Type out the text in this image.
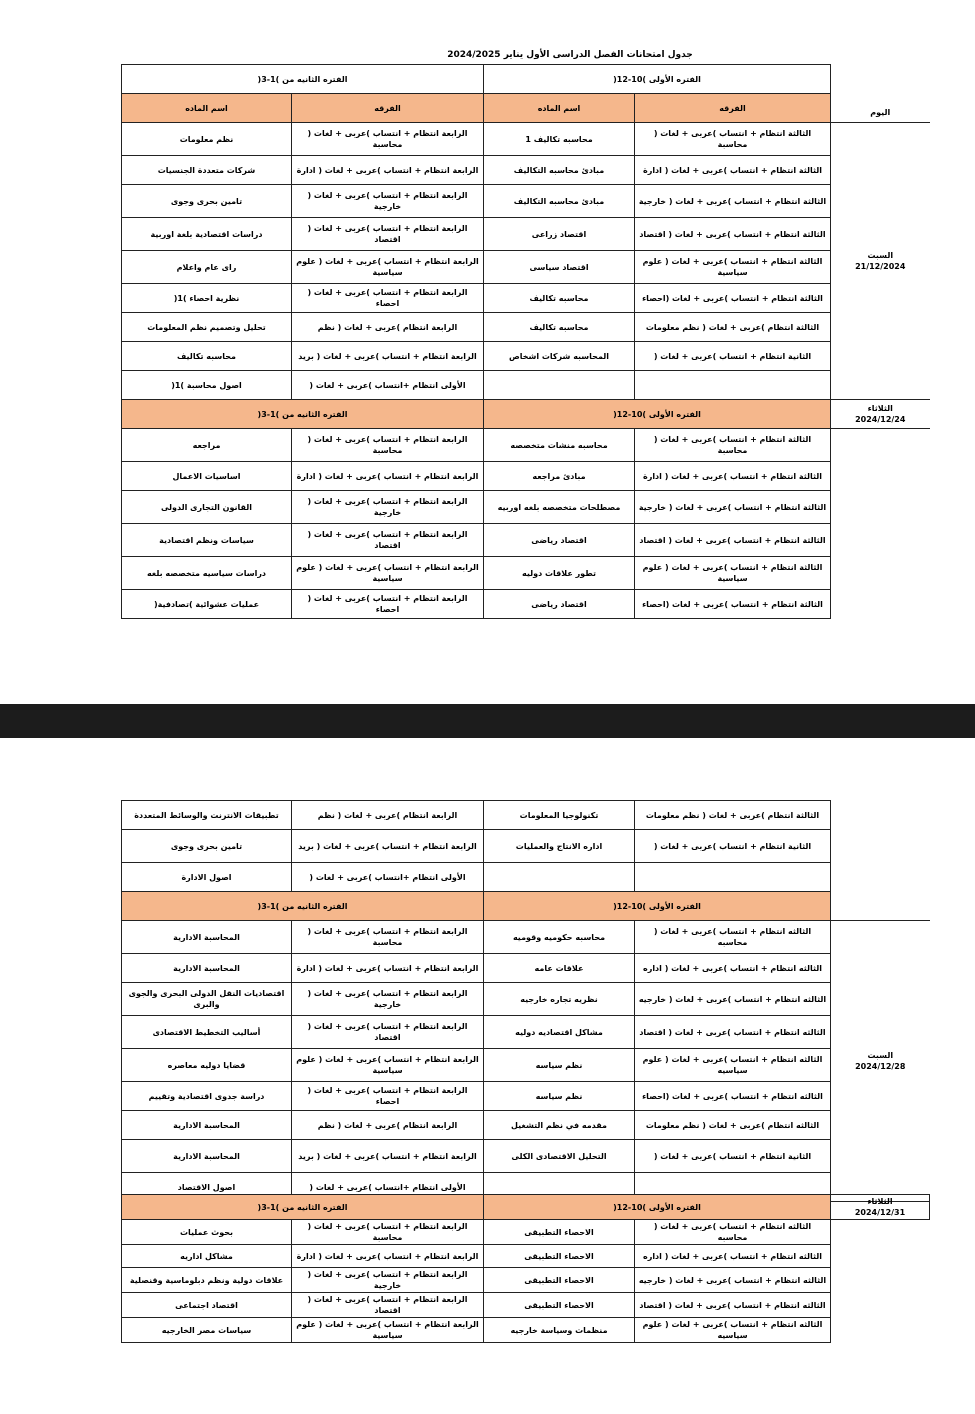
جدول امتحانات الفصل الدراسى الأول يناير 2024/2025
الفتره الثانيه من )1-3(		الفتره الأولى )10-12(		اليوم
اسم الماده	الفرقه	اسم الماده	الفرقه	
نظم معلومات	الرابعة انتظام + انتساب )عربى + لغات ( محاسبة	محاسبه تكاليف 1	الثالثة انتظام + انتساب )عربى + لغات ( محاسبة	السبت
21/12/2024
شركات متعددة الجنسيات	الرابعة انتظام + انتساب )عربى + لغات ( ادارة	مبادئ محاسبه التكاليف	الثالثة انتظام + انتساب )عربى + لغات ( ادارة	
تامين بحرى وجوى	الرابعة انتظام + انتساب )عربى + لغات ( خارجية	مبادئ محاسبه التكاليف	الثالثة انتظام + انتساب )عربى + لغات ( خارجية	
دراسات اقتصادية بلغة اوربية	الرابعة انتظام + انتساب )عربى + لغات ( اقتصاد	اقتصاد زراعى	الثالثة انتظام + انتساب )عربى + لغات ( اقتصاد	
راى عام واعلام	الرابعة انتظام + انتساب )عربى + لغات ( علوم سياسية	اقتصاد سياسى	الثالثة انتظام + انتساب )عربى + لغات ( علوم سياسية	
نظرية احصاء )1(	الرابعة انتظام + انتساب )عربى + لغات ( احصاء	محاسبه تكاليف	الثالثة انتظام + انتساب )عربى + لغات (احصاء	
تحليل وتصميم نظم المعلومات	الرابعة انتظام )عربى + لغات ( نظم	محاسبه تكاليف	الثالثة انتظام )عربى + لغات ( نظم معلومات	
محاسبه تكاليف	الرابعة انتظام + انتساب )عربى + لغات ( بريد	المحاسبه شركات اشخاص	الثانية انتظام + انتساب )عربى + لغات (	
اصول محاسبة )1(	الأولى انتظام +انتساب )عربى + لغات (			
الفتره الثانيه من )1-3(		الفتره الأولى )10-12(		الثلاثاء
2024/12/24
مراجعه	الرابعة انتظام + انتساب )عربى + لغات ( محاسبة	محاسبه منشات متخصصه	الثالثة انتظام + انتساب )عربى + لغات ( محاسبة	
اساسيات الاعمال	الرابعة انتظام + انتساب )عربى + لغات ( ادارة	مبادئ مراجعه	الثالثة انتظام + انتساب )عربى + لغات ( ادارة	
القانون التجارى الدولى	الرابعة انتظام + انتساب )عربى + لغات ( خارجية	مصطلحات متخصصه بلغه اوربيه	الثالثة انتظام + انتساب )عربى + لغات ( خارجية	
سياسات ونظم اقتصادية	الرابعة انتظام + انتساب )عربى + لغات ( اقتصاد	اقتصاد رياضى	الثالثة انتظام + انتساب )عربى + لغات ( اقتصاد	
دراسات سياسيه متخصصه بلغه	الرابعة انتظام + انتساب )عربى + لغات ( علوم سياسية	تطور علاقات دوليه	الثالثة انتظام + انتساب )عربى + لغات ( علوم سياسية	
عمليات عشوائية )تصادفية(	الرابعة انتظام + انتساب )عربى + لغات ( احصاء	اقتصاد رياضى	الثالثة انتظام + انتساب )عربى + لغات (احصاء	
تطبيقات الانترنت والوسائط المتعددة	الرابعة انتظام )عربى + لغات ( نظم	تكنولوجيا المعلومات	الثالثة انتظام )عربى + لغات ( نظم معلومات	
تامين بحرى وجوى	الرابعة انتظام + انتساب )عربى + لغات ( بريد	اداره الانتاج والعمليات	الثانية انتظام + انتساب )عربى + لغات (	
اصول الادارة	الأولى انتظام +انتساب )عربى + لغات (			
الفتره الثانيه من )1-3(		الفتره الأولى )10-12(		
المحاسبة الادارية	الرابعة انتظام + انتساب )عربى + لغات ( محاسبة	محاسبه حكوميه وقوميه	الثالثه انتظام + انتساب )عربى + لغات ( محاسبه	السبت
2024/12/28
المحاسبة الادارية	الرابعة انتظام + انتساب )عربى + لغات ( ادارة	علاقات عامه	الثالثه انتظام + انتساب )عربى + لغات ( اداره	
اقتصاديات النقل الدولى البحرى والجوى والبرى	الرابعة انتظام + انتساب )عربى + لغات ( خارجية	نظريه تجاره خارجيه	الثالثه انتظام + انتساب )عربى + لغات ( خارجيه	
أساليب التخطيط الاقتصادى	الرابعة انتظام + انتساب )عربى + لغات ( اقتصاد	مشاكل اقتصاديه دوليه	الثالثه انتظام + انتساب )عربى + لغات ( اقتصاد	
قضايا دوليه معاصره	الرابعة انتظام + انتساب )عربى + لغات ( علوم سياسية	نظم سياسه	الثالثه انتظام + انتساب )عربى + لغات ( علوم سياسيه	
دراسة جدوى اقتصادية وتقييم	الرابعة انتظام + انتساب )عربى + لغات ( احصاء	نظم سياسه	الثالثه انتظام + انتساب )عربى + لغات (احصاء	
المحاسبة الادارية	الرابعة انتظام )عربى + لغات ( نظم	مقدمه في نظم التشغيل	الثالثه انتظام )عربى + لغات ( نظم معلومات	
المحاسبة الادارية	الرابعة انتظام + انتساب )عربى + لغات ( بريد	التحليل الاقتصادى الكلى	الثانية انتظام + انتساب )عربى + لغات (	
اصول الاقتصاد	الأولى انتظام +انتساب )عربى + لغات (			
الفتره الثانيه من )1-3(		الفتره الأولى )10-12(		الثلاثاء
2024/12/31
بحوث عمليات	الرابعة انتظام + انتساب )عربى + لغات ( محاسبة	الاحصاء التطبيقى	الثالثه انتظام + انتساب )عربى + لغات ( محاسبه	
مشاكل اداريه	الرابعة انتظام + انتساب )عربى + لغات ( ادارة	الاحصاء التطبيقى	الثالثه انتظام + انتساب )عربى + لغات ( اداره	
علاقات دولية ونظم دبلوماسية وقنصلية	الرابعة انتظام + انتساب )عربى + لغات ( خارجية	الاحصاء التطبيقى	الثالثه انتظام + انتساب )عربى + لغات ( خارجيه	
اقتصاد اجتماعى	الرابعة انتظام + انتساب )عربى + لغات ( اقتصاد	الاحصاء التطبيقى	الثالثه انتظام + انتساب )عربى + لغات ( اقتصاد	
سياسات مصر الخارجيه	الرابعة انتظام + انتساب )عربى + لغات ( علوم سياسية	منظمات وسياسة خارجيه	الثالثه انتظام + انتساب )عربى + لغات ( علوم سياسيه	
